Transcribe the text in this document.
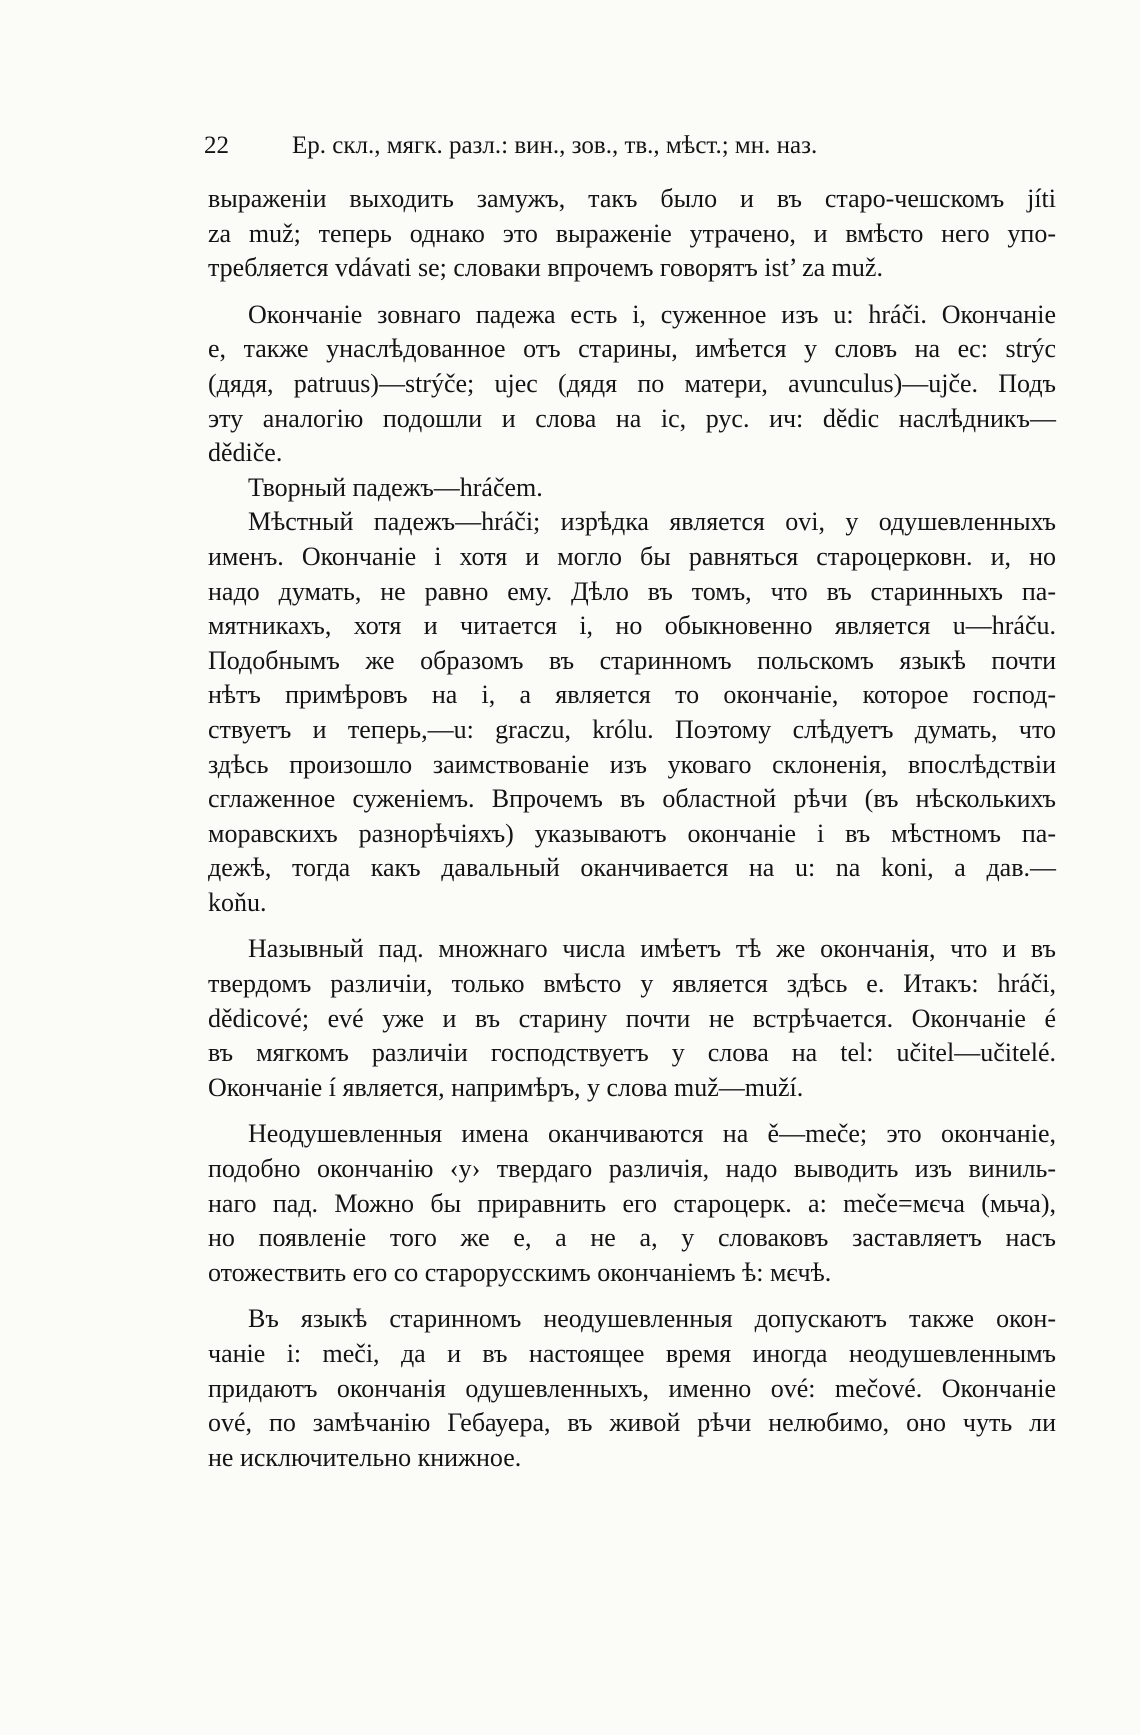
22	Ер. скл., мягк. разл.: вин., зов., тв., мѣст.; мн. наз.
выраженіи выходить замужъ, такъ было и въ старо-чешскомъ jíti
za muž; теперь однако это выраженіе утрачено, и вмѣсто него упо-
требляется vdávati se; словаки впрочемъ говорятъ ist’ za muž.
Окончаніе зовнаго падежа есть i, суженное изъ u: hráči. Окончаніе
e, также унаслѣдованное отъ старины, имѣется у словъ на ec: strýc
(дядя, patruus)—strýče; ujec (дядя по матери, avunculus)—ujče. Подъ
эту аналогію подошли и слова на ic, рус. ич: dědic наслѣдникъ—
dědiče.
Творный падежъ—hráčem.
Мѣстный падежъ—hráči; изрѣдка является ovi, у одушевленныхъ
именъ. Окончаніе i хотя и могло бы равняться староцерковн. и, но
надо думать, не равно ему. Дѣло въ томъ, что въ старинныхъ па-
мятникахъ, хотя и читается i, но обыкновенно является u—hráču.
Подобнымъ же образомъ въ старинномъ польскомъ языкѣ почти
нѣтъ примѣровъ на i, а является то окончаніе, которое господ-
ствуетъ и теперь,—u: graczu, królu. Поэтому слѣдуетъ думать, что
здѣсь произошло заимствованіе изъ уковаго склоненія, впослѣдствіи
сглаженное суженіемъ. Впрочемъ въ областной рѣчи (въ нѣсколькихъ
моравскихъ разнорѣчіяхъ) указываютъ окончаніе i въ мѣстномъ па-
дежѣ, тогда какъ давальный оканчивается на u: na koni, а дав.—
koňu.
Назывный пад. множнаго числа имѣетъ тѣ же окончанія, что и въ
твердомъ различіи, только вмѣсто y является здѣсь e. Итакъ: hráči,
dědicové; evé уже и въ старину почти не встрѣчается. Окончаніе é
въ мягкомъ различіи господствуетъ у слова на tel: učitel—učitelé.
Окончаніе í является, напримѣръ, у слова muž—muží.
Неодушевленныя имена оканчиваются на ě—meče; это окончаніе,
подобно окончанію ‹y› твердаго различія, надо выводить изъ виниль-
наго пад. Можно бы приравнить его староцерк. а: meče=мєча (мьча),
но появленіе того же e, а не a, у словаковъ заставляетъ насъ
отожествить его со старорусскимъ окончаніемъ ѣ: мєчѣ.
Въ языкѣ старинномъ неодушевленныя допускаютъ также окон-
чаніе i: meči, да и въ настоящее время иногда неодушевленнымъ
придаютъ окончанія одушевленныхъ, именно ové: mečové. Окончаніе
ové, по замѣчанію Гебауера, въ живой рѣчи нелюбимо, оно чуть ли
не исключительно книжное.
